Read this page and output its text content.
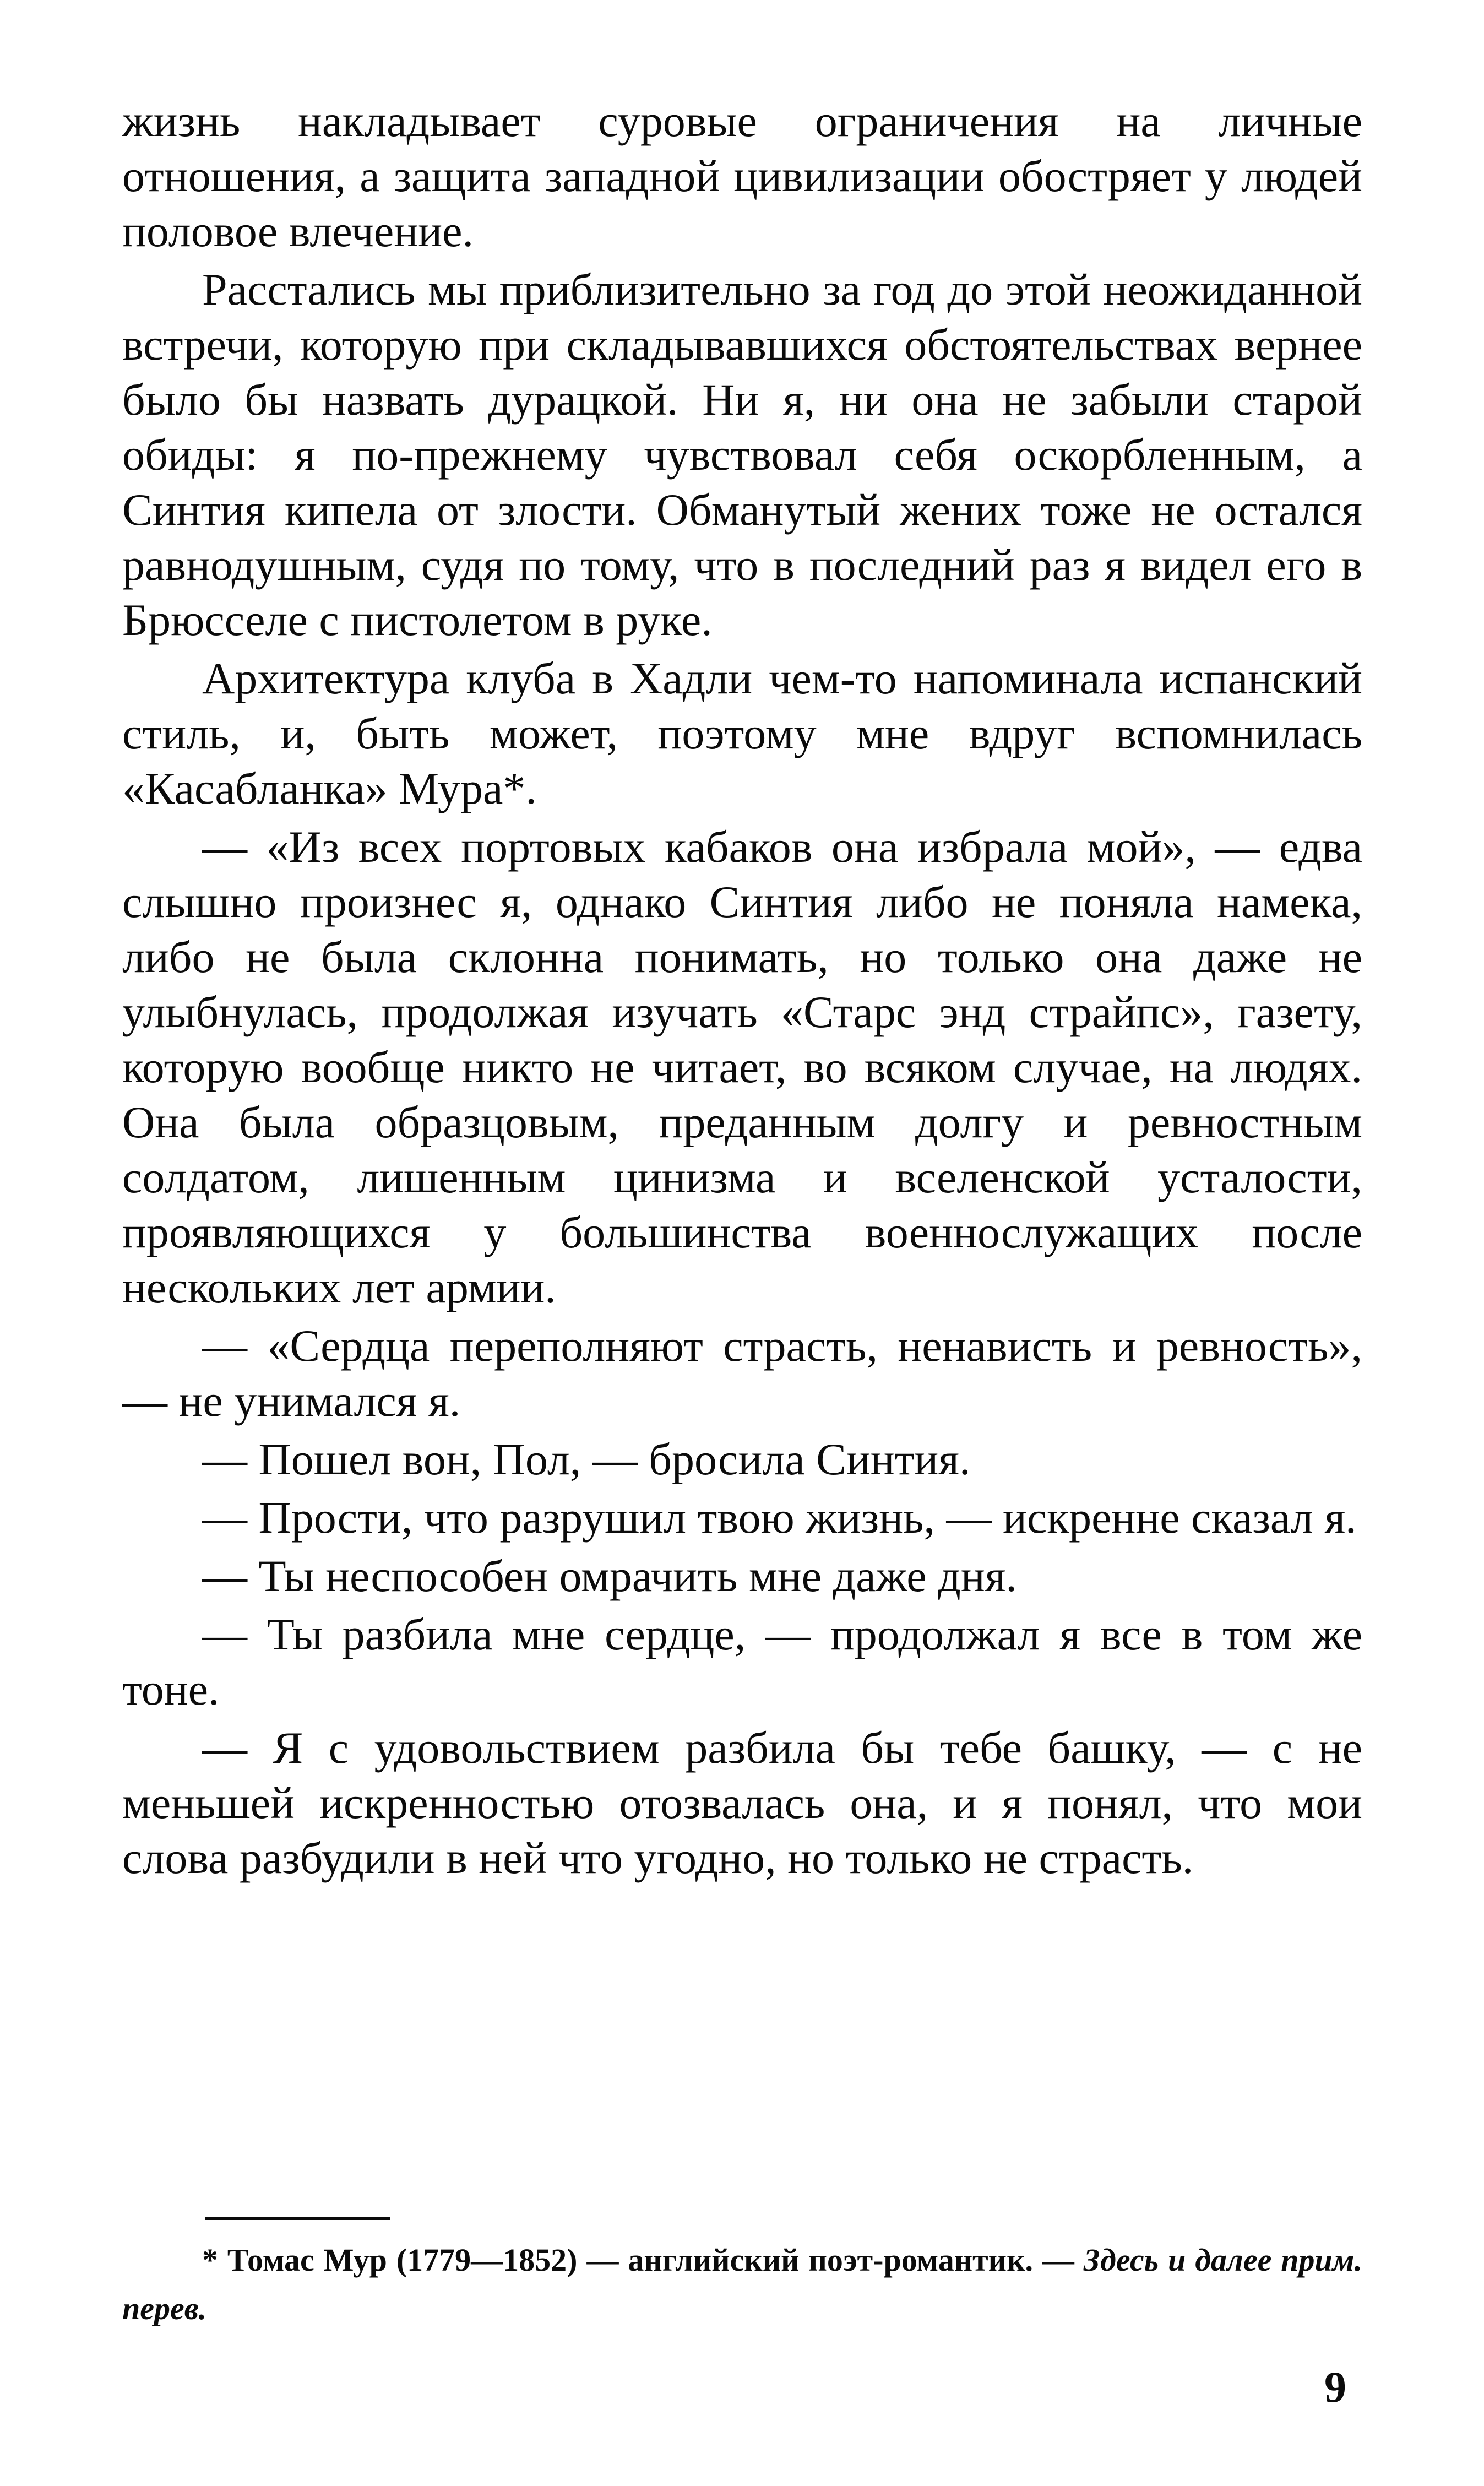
жизнь накладывает суровые ограничения на личные отношения, а защита западной цивилизации обостряет у людей половое влечение.

Расстались мы приблизительно за год до этой неожиданной встречи, которую при складывавшихся обстоятельствах вернее было бы назвать дурацкой. Ни я, ни она не забыли старой обиды: я по-прежнему чувствовал себя оскорбленным, а Синтия кипела от злости. Обманутый жених тоже не остался равнодушным, судя по тому, что в последний раз я видел его в Брюсселе с пистолетом в руке.

Архитектура клуба в Хадли чем-то напоминала испанский стиль, и, быть может, поэтому мне вдруг вспомнилась «Касабланка» Мура*.

— «Из всех портовых кабаков она избрала мой», — едва слышно произнес я, однако Синтия либо не поняла намека, либо не была склонна понимать, но только она даже не улыбнулась, продолжая изучать «Старс энд страйпс», газету, которую вообще никто не читает, во всяком случае, на людях. Она была образцовым, преданным долгу и ревностным солдатом, лишенным цинизма и вселенской усталости, проявляющихся у большинства военнослужащих после нескольких лет армии.

— «Сердца переполняют страсть, ненависть и ревность», — не унимался я.

— Пошел вон, Пол, — бросила Синтия.

— Прости, что разрушил твою жизнь, — искренне сказал я.

— Ты неспособен омрачить мне даже дня.

— Ты разбила мне сердце, — продолжал я все в том же тоне.

— Я с удовольствием разбила бы тебе башку, — с не меньшей искренностью отозвалась она, и я понял, что мои слова разбудили в ней что угодно, но только не страсть.

* Томас Мур (1779—1852) — английский поэт-романтик. — Здесь и далее прим. перев.
9
